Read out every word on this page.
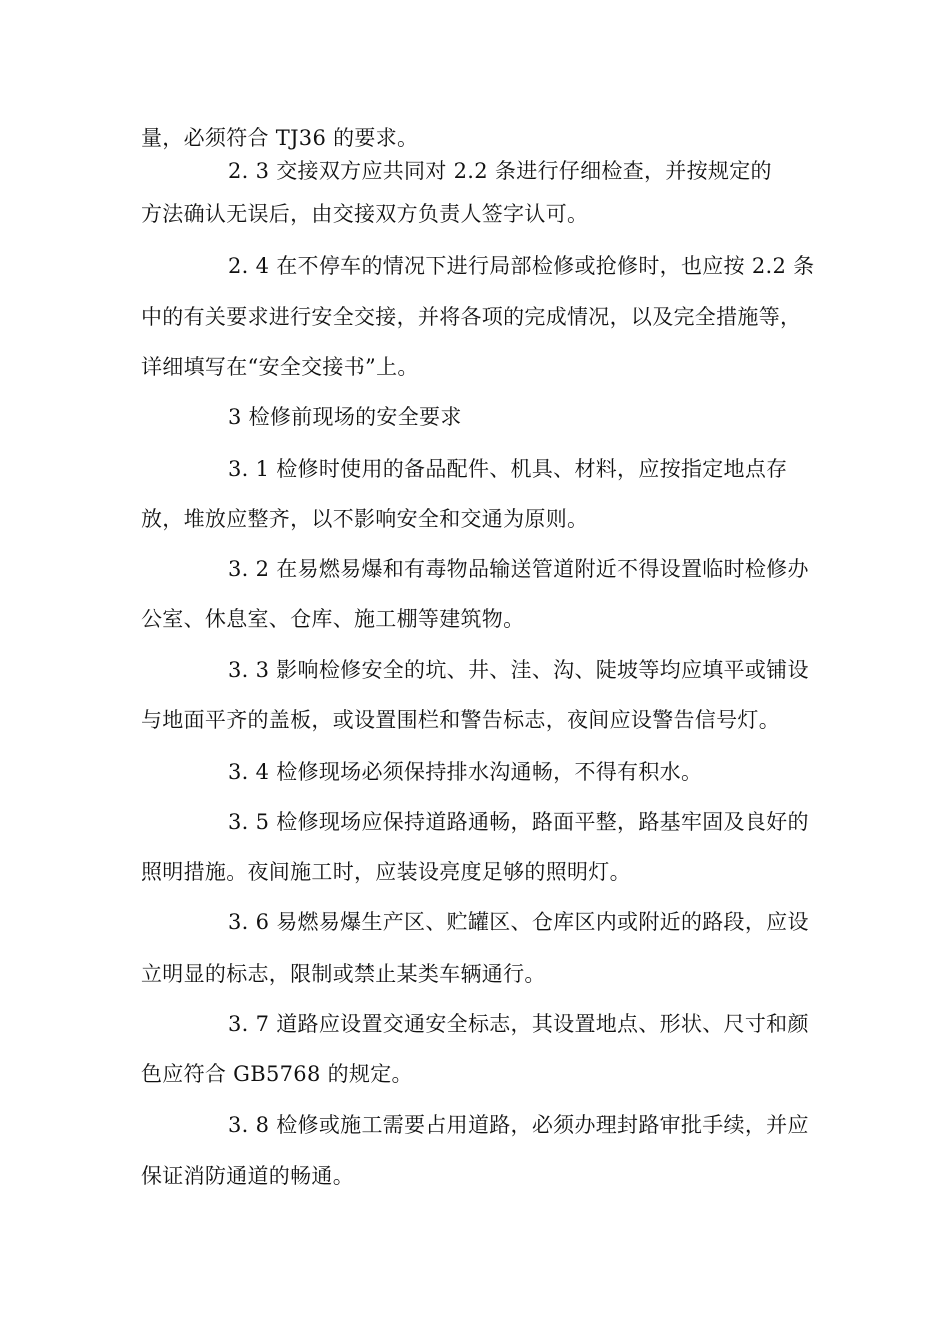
量，必须符合 TJ36 的要求。
2. 3 交接双方应共同对 2.2 条进行仔细检查，并按规定的
方法确认无误后，由交接双方负责人签字认可。
2. 4 在不停车的情况下进行局部检修或抢修时，也应按 2.2 条
中的有关要求进行安全交接，并将各项的完成情况，以及完全措施等，
详细填写在“安全交接书”上。
3 检修前现场的安全要求
3. 1 检修时使用的备品配件、机具、材料，应按指定地点存
放，堆放应整齐，以不影响安全和交通为原则。
3. 2 在易燃易爆和有毒物品输送管道附近不得设置临时检修办
公室、休息室、仓库、施工棚等建筑物。
3. 3 影响检修安全的坑、井、洼、沟、陡坡等均应填平或铺设
与地面平齐的盖板，或设置围栏和警告标志，夜间应设警告信号灯。
3. 4 检修现场必须保持排水沟通畅，不得有积水。
3. 5 检修现场应保持道路通畅，路面平整，路基牢固及良好的
照明措施。夜间施工时，应装设亮度足够的照明灯。
3. 6 易燃易爆生产区、贮罐区、仓库区内或附近的路段，应设
立明显的标志，限制或禁止某类车辆通行。
3. 7 道路应设置交通安全标志，其设置地点、形状、尺寸和颜
色应符合 GB5768 的规定。
3. 8 检修或施工需要占用道路，必须办理封路审批手续，并应
保证消防通道的畅通。
